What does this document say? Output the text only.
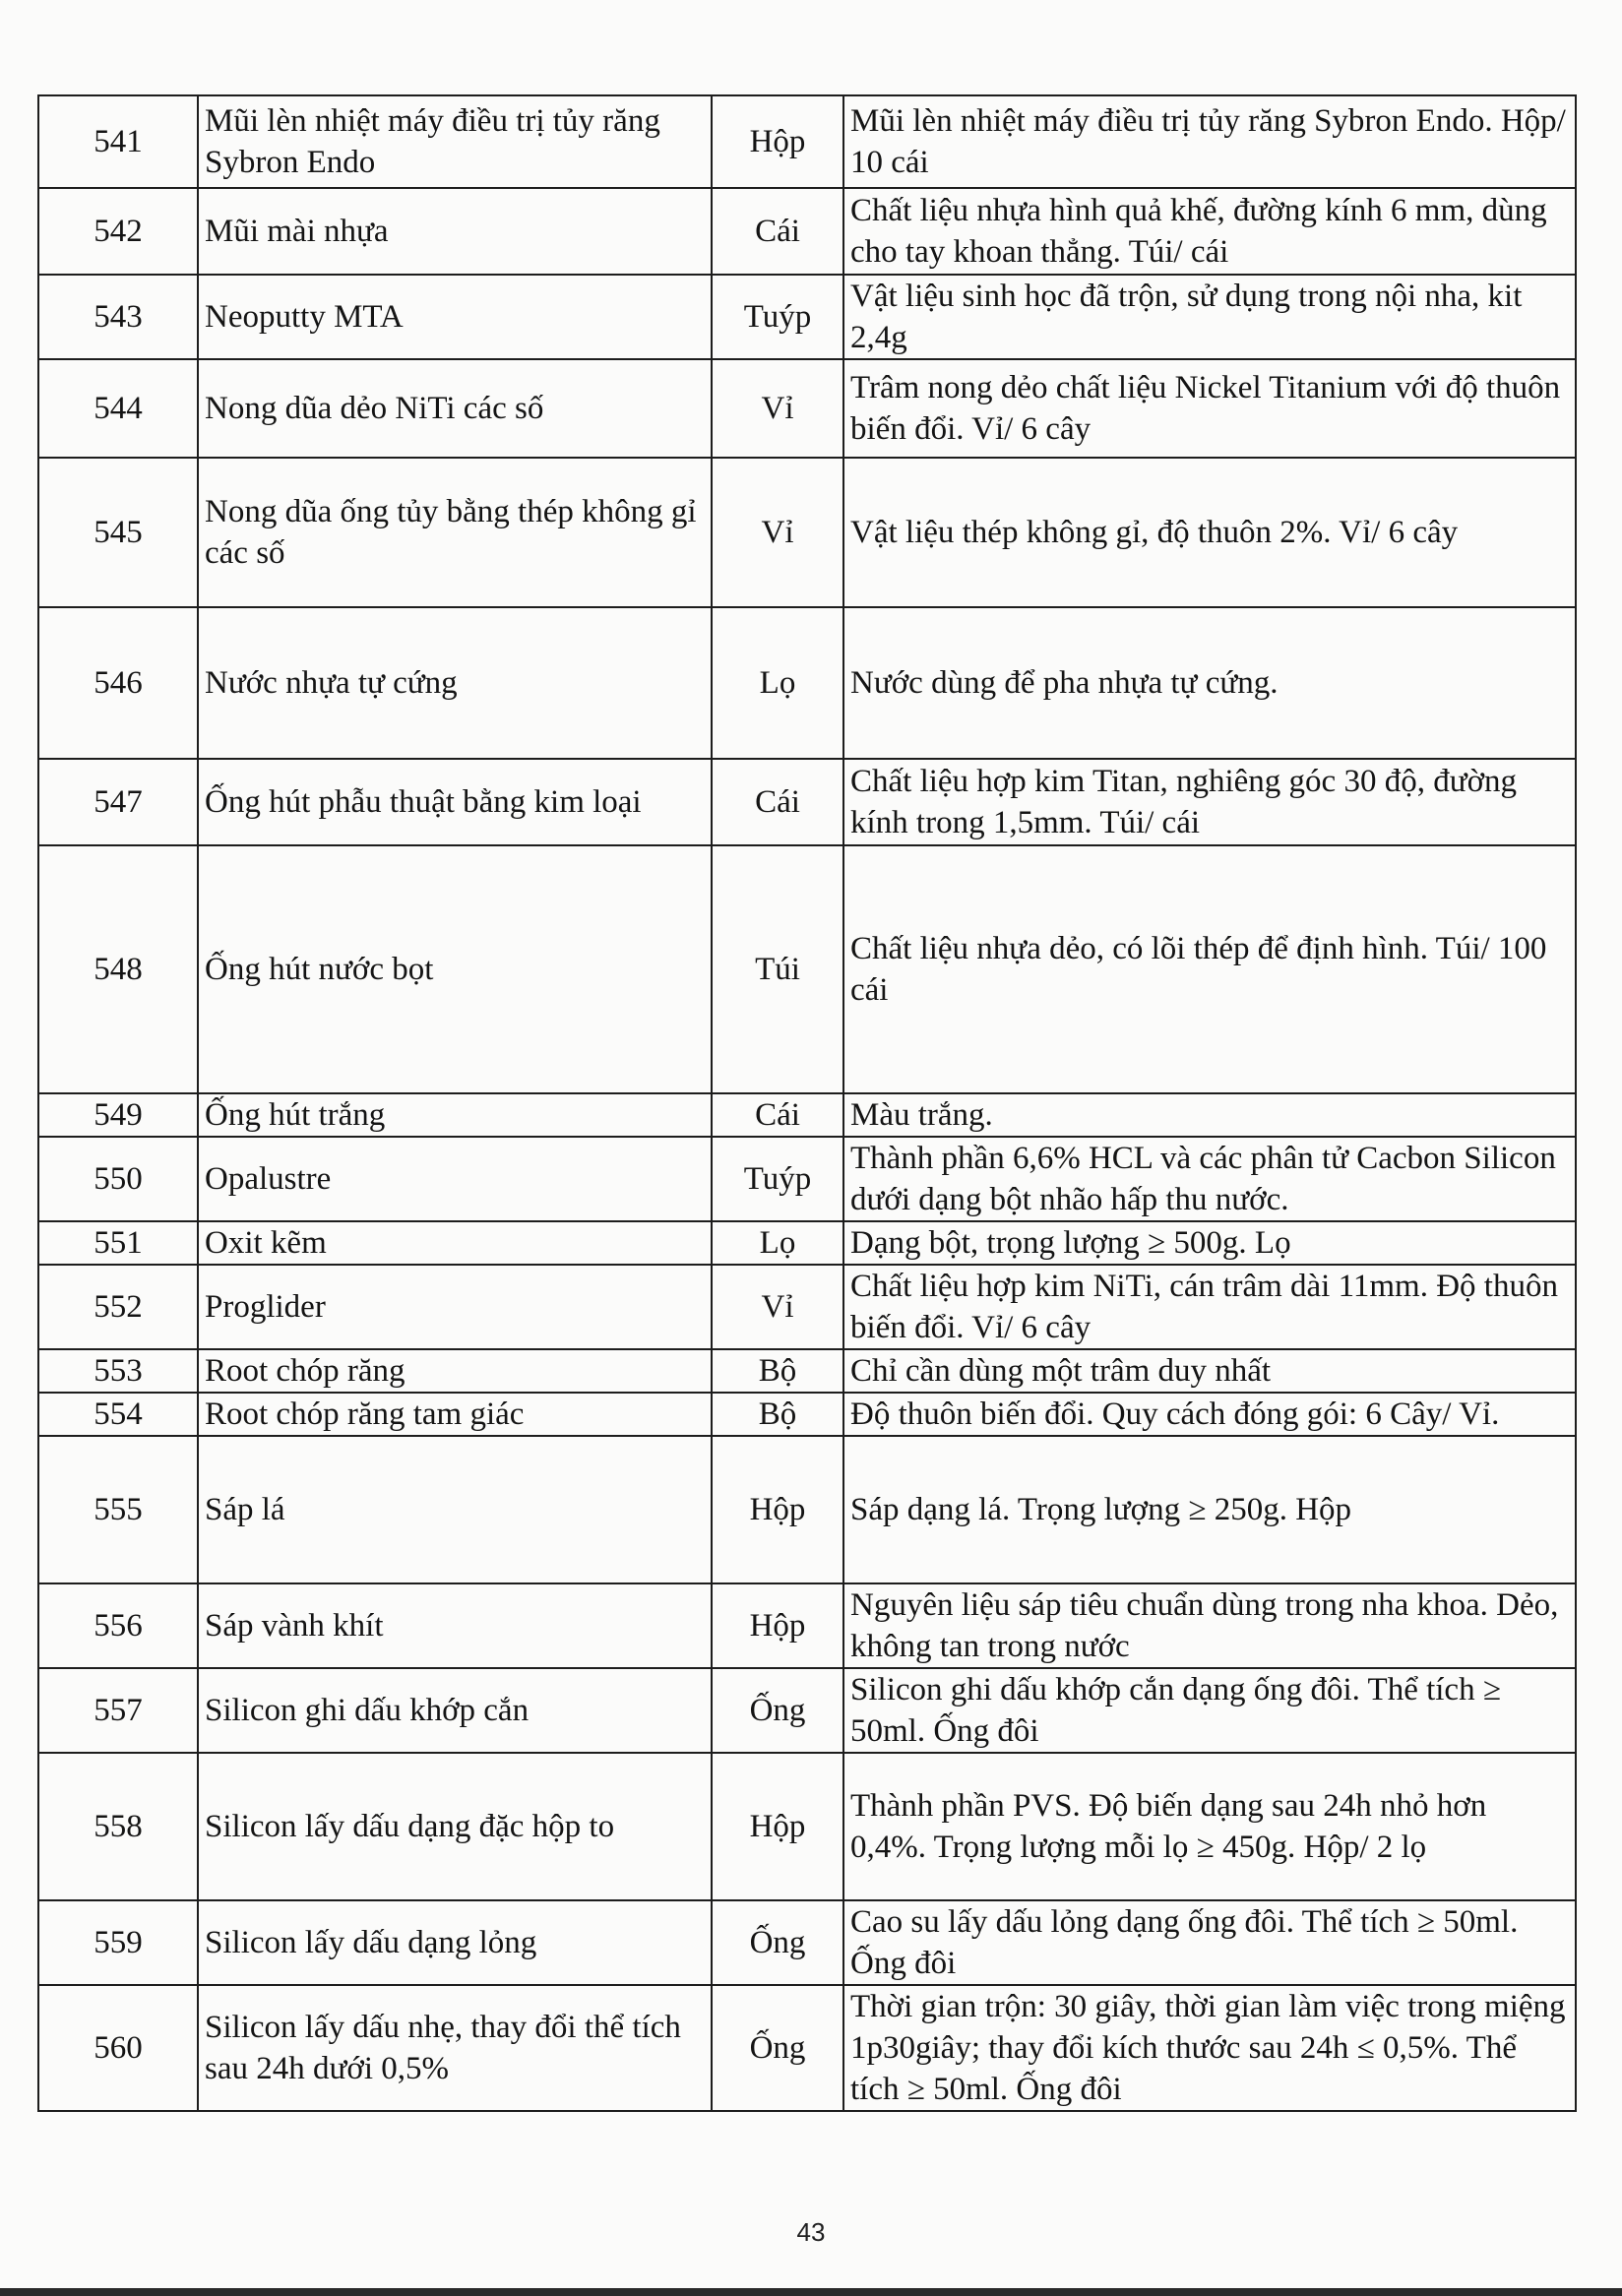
541	Mũi lèn nhiệt máy điều trị tủy răng Sybron Endo	Hộp	Mũi lèn nhiệt máy điều trị tủy răng Sybron Endo. Hộp/ 10 cái
542	Mũi mài nhựa	Cái	Chất liệu nhựa hình quả khế, đường kính 6 mm, dùng cho tay khoan thẳng. Túi/ cái
543	Neoputty MTA	Tuýp	Vật liệu sinh học đã trộn, sử dụng trong nội nha, kit 2,4g
544	Nong dũa dẻo NiTi các số	Vỉ	Trâm nong dẻo chất liệu Nickel Titanium với độ thuôn biến đổi. Vỉ/ 6 cây
545	Nong dũa ống tủy bằng thép không gỉ các số	Vỉ	Vật liệu thép không gỉ, độ thuôn 2%. Vỉ/ 6 cây
546	Nước nhựa tự cứng	Lọ	Nước dùng để pha nhựa tự cứng.
547	Ống hút phẫu thuật bằng kim loại	Cái	Chất liệu hợp kim Titan, nghiêng góc 30 độ, đường kính trong 1,5mm. Túi/ cái
548	Ống hút nước bọt	Túi	Chất liệu nhựa dẻo, có lõi thép để định hình. Túi/ 100 cái
549	Ống hút trắng	Cái	Màu trắng.
550	Opalustre	Tuýp	Thành phần 6,6% HCL và các phân tử Cacbon Silicon dưới dạng bột nhão hấp thu nước.
551	Oxit kẽm	Lọ	Dạng bột, trọng lượng ≥ 500g. Lọ
552	Proglider	Vỉ	Chất liệu hợp kim NiTi, cán trâm dài 11mm. Độ thuôn biến đổi. Vỉ/ 6 cây
553	Root chóp răng	Bộ	Chỉ cần dùng một trâm duy nhất
554	Root chóp răng tam giác	Bộ	Độ thuôn biến đổi. Quy cách đóng gói: 6 Cây/ Vỉ.
555	Sáp lá	Hộp	Sáp dạng lá. Trọng lượng ≥ 250g. Hộp
556	Sáp vành khít	Hộp	Nguyên liệu sáp tiêu chuẩn dùng trong nha khoa. Dẻo, không tan trong nước
557	Silicon ghi dấu khớp cắn	Ống	Silicon ghi dấu khớp cắn dạng ống đôi. Thể tích ≥ 50ml. Ống đôi
558	Silicon lấy dấu dạng đặc hộp to	Hộp	Thành phần PVS. Độ biến dạng sau 24h nhỏ hơn 0,4%. Trọng lượng mỗi lọ ≥ 450g. Hộp/ 2 lọ
559	Silicon lấy dấu dạng lỏng	Ống	Cao su lấy dấu lỏng dạng ống đôi. Thể tích ≥ 50ml. Ống đôi
560	Silicon lấy dấu nhẹ, thay đổi thể tích sau 24h dưới 0,5%	Ống	Thời gian trộn: 30 giây, thời gian làm việc trong miệng 1p30giây; thay đổi kích thước sau 24h ≤ 0,5%. Thể tích ≥ 50ml. Ống đôi
43
